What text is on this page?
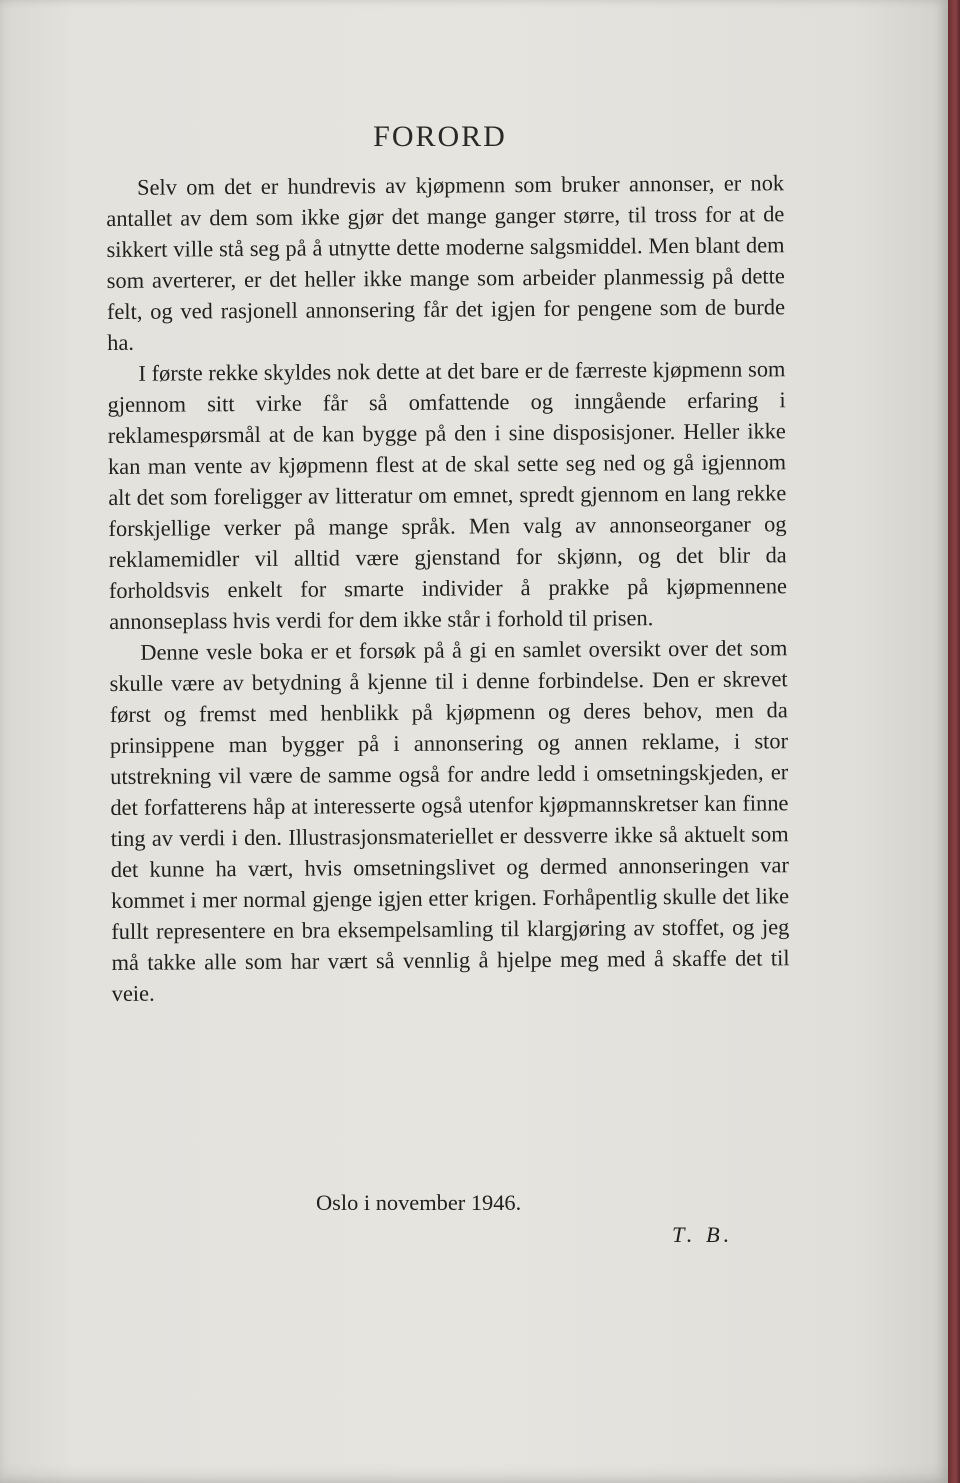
FORORD

Selv om det er hundrevis av kjøpmenn som bruker annonser, er nok antallet av dem som ikke gjør det mange ganger større, til tross for at de sikkert ville stå seg på å utnytte dette moderne salgsmiddel. Men blant dem som averterer, er det heller ikke mange som arbeider planmessig på dette felt, og ved rasjonell annonsering får det igjen for pengene som de burde ha.

I første rekke skyldes nok dette at det bare er de færreste kjøpmenn som gjennom sitt virke får så omfattende og inngående erfaring i reklamespørsmål at de kan bygge på den i sine disposisjoner. Heller ikke kan man vente av kjøpmenn flest at de skal sette seg ned og gå igjennom alt det som foreligger av litteratur om emnet, spredt gjennom en lang rekke forskjellige verker på mange språk. Men valg av annonseorganer og reklamemidler vil alltid være gjenstand for skjønn, og det blir da forholdsvis enkelt for smarte individer å prakke på kjøpmennene annonseplass hvis verdi for dem ikke står i forhold til prisen.

Denne vesle boka er et forsøk på å gi en samlet oversikt over det som skulle være av betydning å kjenne til i denne forbindelse. Den er skrevet først og fremst med henblikk på kjøpmenn og deres behov, men da prinsippene man bygger på i annonsering og annen reklame, i stor utstrekning vil være de samme også for andre ledd i omsetningskjeden, er det forfatterens håp at interesserte også utenfor kjøpmannskretser kan finne ting av verdi i den. Illustrasjonsmateriellet er dessverre ikke så aktuelt som det kunne ha vært, hvis omsetningslivet og dermed annonseringen var kommet i mer normal gjenge igjen etter krigen. Forhåpentlig skulle det like fullt representere en bra eksempelsamling til klargjøring av stoffet, og jeg må takke alle som har vært så vennlig å hjelpe meg med å skaffe det til veie.

Oslo i november 1946.
T. B.
